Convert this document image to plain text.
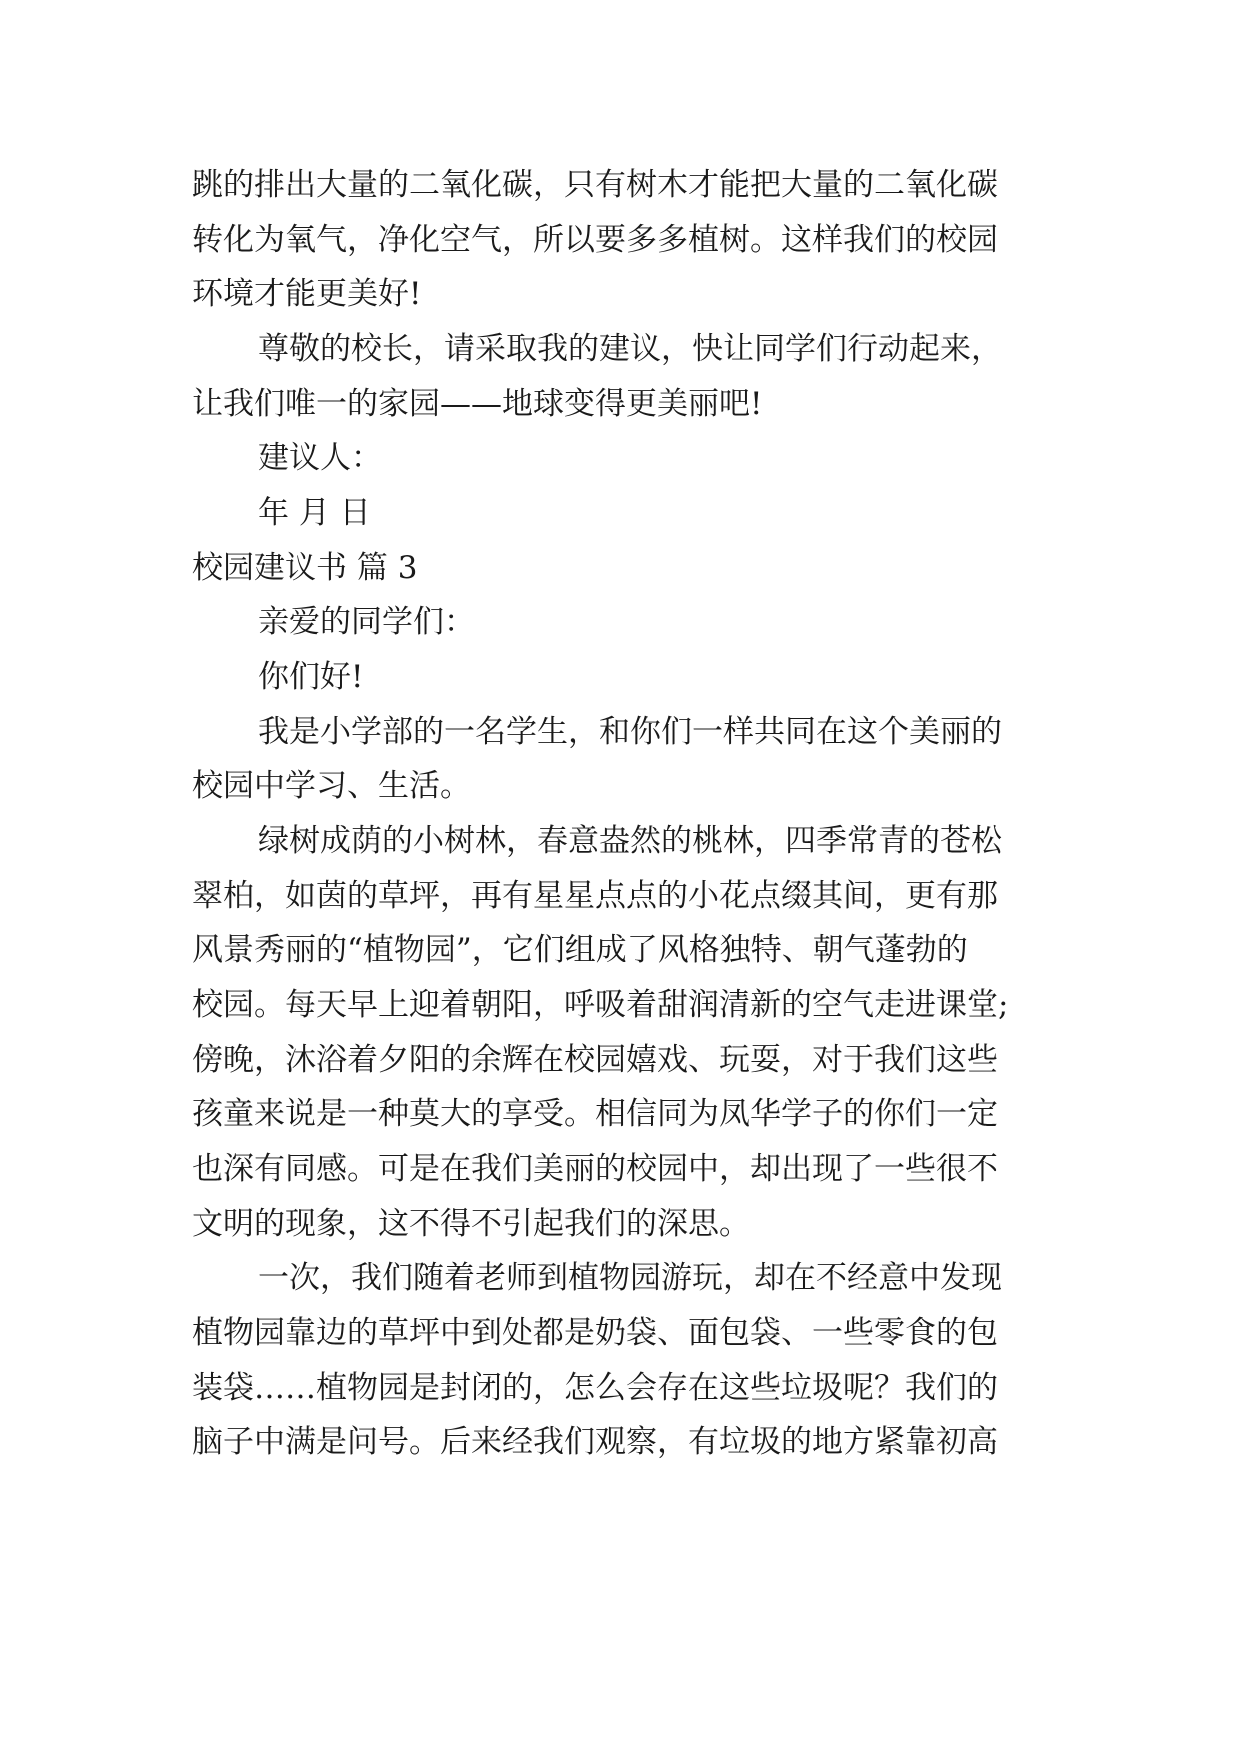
跳的排出大量的二氧化碳，只有树木才能把大量的二氧化碳
转化为氧气，净化空气，所以要多多植树。这样我们的校园
环境才能更美好!
尊敬的校长，请采取我的建议，快让同学们行动起来，
让我们唯一的家园——地球变得更美丽吧!
建议人：
年 月 日
校园建议书 篇 3
亲爱的同学们：
你们好!
我是小学部的一名学生，和你们一样共同在这个美丽的
校园中学习、生活。
绿树成荫的小树林，春意盎然的桃林，四季常青的苍松
翠柏，如茵的草坪，再有星星点点的小花点缀其间，更有那
风景秀丽的“植物园”，它们组成了风格独特、朝气蓬勃的
校园。每天早上迎着朝阳，呼吸着甜润清新的空气走进课堂;
傍晚，沐浴着夕阳的余辉在校园嬉戏、玩耍，对于我们这些
孩童来说是一种莫大的享受。相信同为凤华学子的你们一定
也深有同感。可是在我们美丽的校园中，却出现了一些很不
文明的现象，这不得不引起我们的深思。
一次，我们随着老师到植物园游玩，却在不经意中发现
植物园靠边的草坪中到处都是奶袋、面包袋、一些零食的包
装袋……植物园是封闭的，怎么会存在这些垃圾呢？我们的
脑子中满是问号。后来经我们观察，有垃圾的地方紧靠初高
